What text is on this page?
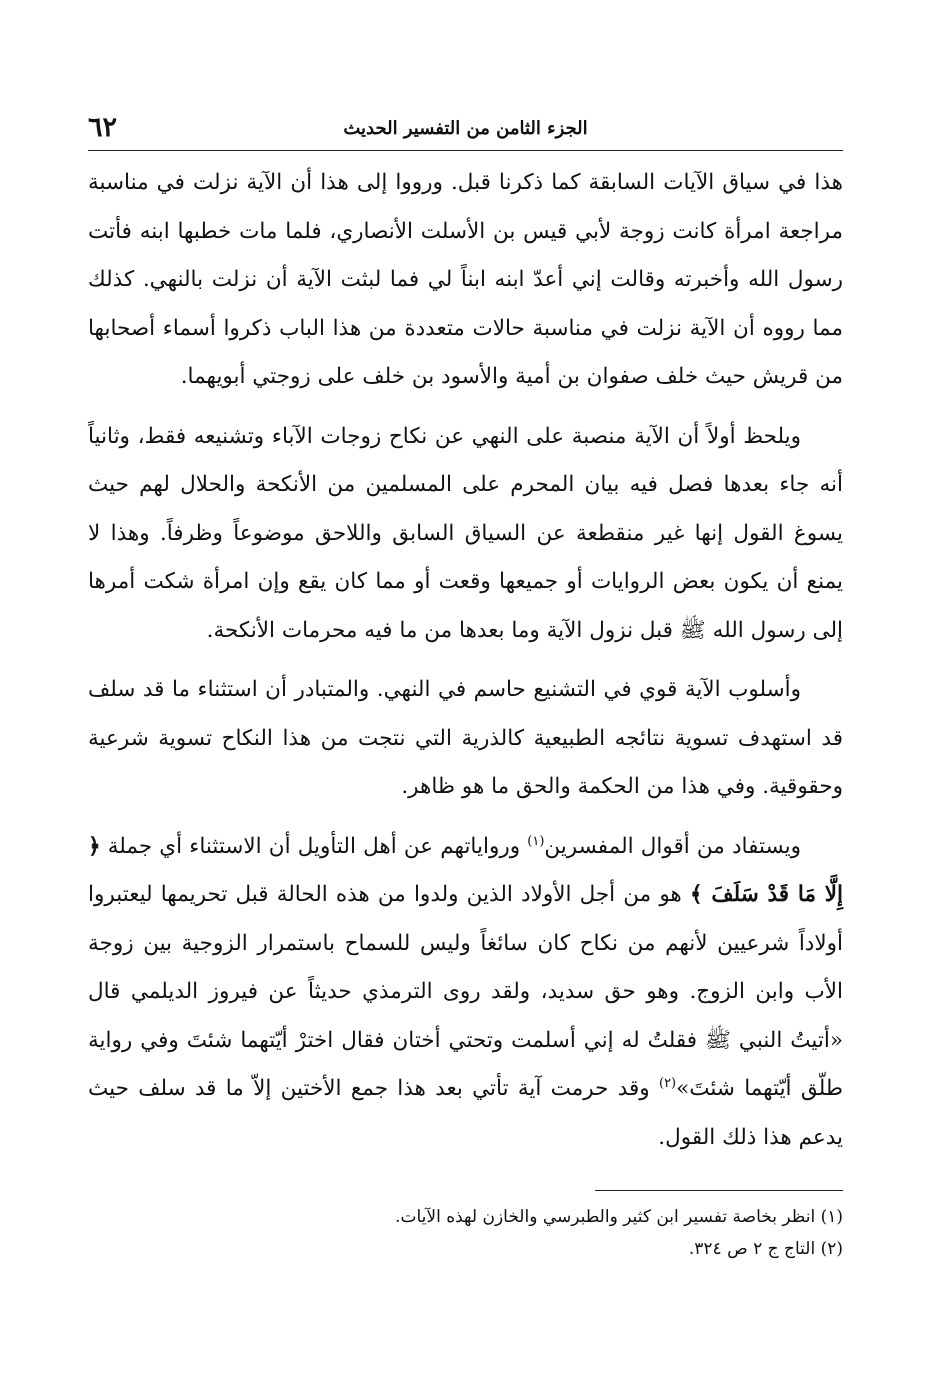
٦٢	الجزء الثامن من التفسير الحديث

هذا في سياق الآيات السابقة كما ذكرنا قبل. ورووا إلى هذا أن الآية نزلت في مناسبة مراجعة امرأة كانت زوجة لأبي قيس بن الأسلت الأنصاري، فلما مات خطبها ابنه فأتت رسول الله وأخبرته وقالت إني أعدّ ابنه ابناً لي فما لبثت الآية أن نزلت بالنهي. كذلك مما رووه أن الآية نزلت في مناسبة حالات متعددة من هذا الباب ذكروا أسماء أصحابها من قريش حيث خلف صفوان بن أمية والأسود بن خلف على زوجتي أبويهما.

ويلحظ أولاً أن الآية منصبة على النهي عن نكاح زوجات الآباء وتشنيعه فقط، وثانياً أنه جاء بعدها فصل فيه بيان المحرم على المسلمين من الأنكحة والحلال لهم حيث يسوغ القول إنها غير منقطعة عن السياق السابق واللاحق موضوعاً وظرفاً. وهذا لا يمنع أن يكون بعض الروايات أو جميعها وقعت أو مما كان يقع وإن امرأة شكت أمرها إلى رسول الله ﷺ قبل نزول الآية وما بعدها من ما فيه محرمات الأنكحة.

وأسلوب الآية قوي في التشنيع حاسم في النهي. والمتبادر أن استثناء ما قد سلف قد استهدف تسوية نتائجه الطبيعية كالذرية التي نتجت من هذا النكاح تسوية شرعية وحقوقية. وفي هذا من الحكمة والحق ما هو ظاهر.

ويستفاد من أقوال المفسرين$^{(١)}$ ورواياتهم عن أهل التأويل أن الاستثناء أي جملة ﴿ إِلَّا مَا قَدْ سَلَفَ ﴾ هو من أجل الأولاد الذين ولدوا من هذه الحالة قبل تحريمها ليعتبروا أولاداً شرعيين لأنهم من نكاح كان سائغاً وليس للسماح باستمرار الزوجية بين زوجة الأب وابن الزوج. وهو حق سديد، ولقد روى الترمذي حديثاً عن فيروز الديلمي قال «أتيتُ النبي ﷺ فقلتُ له إني أسلمت وتحتي أختان فقال اخترْ أيّتهما شئتَ وفي رواية طلّق أيّتهما شئتَ»$^{(٢)}$ وقد حرمت آية تأتي بعد هذا جمع الأختين إلاّ ما قد سلف حيث يدعم هذا ذلك القول.

(١) انظر بخاصة تفسير ابن كثير والطبرسي والخازن لهذه الآيات.

(٢) التاج ج ٢ ص ٣٢٤.
